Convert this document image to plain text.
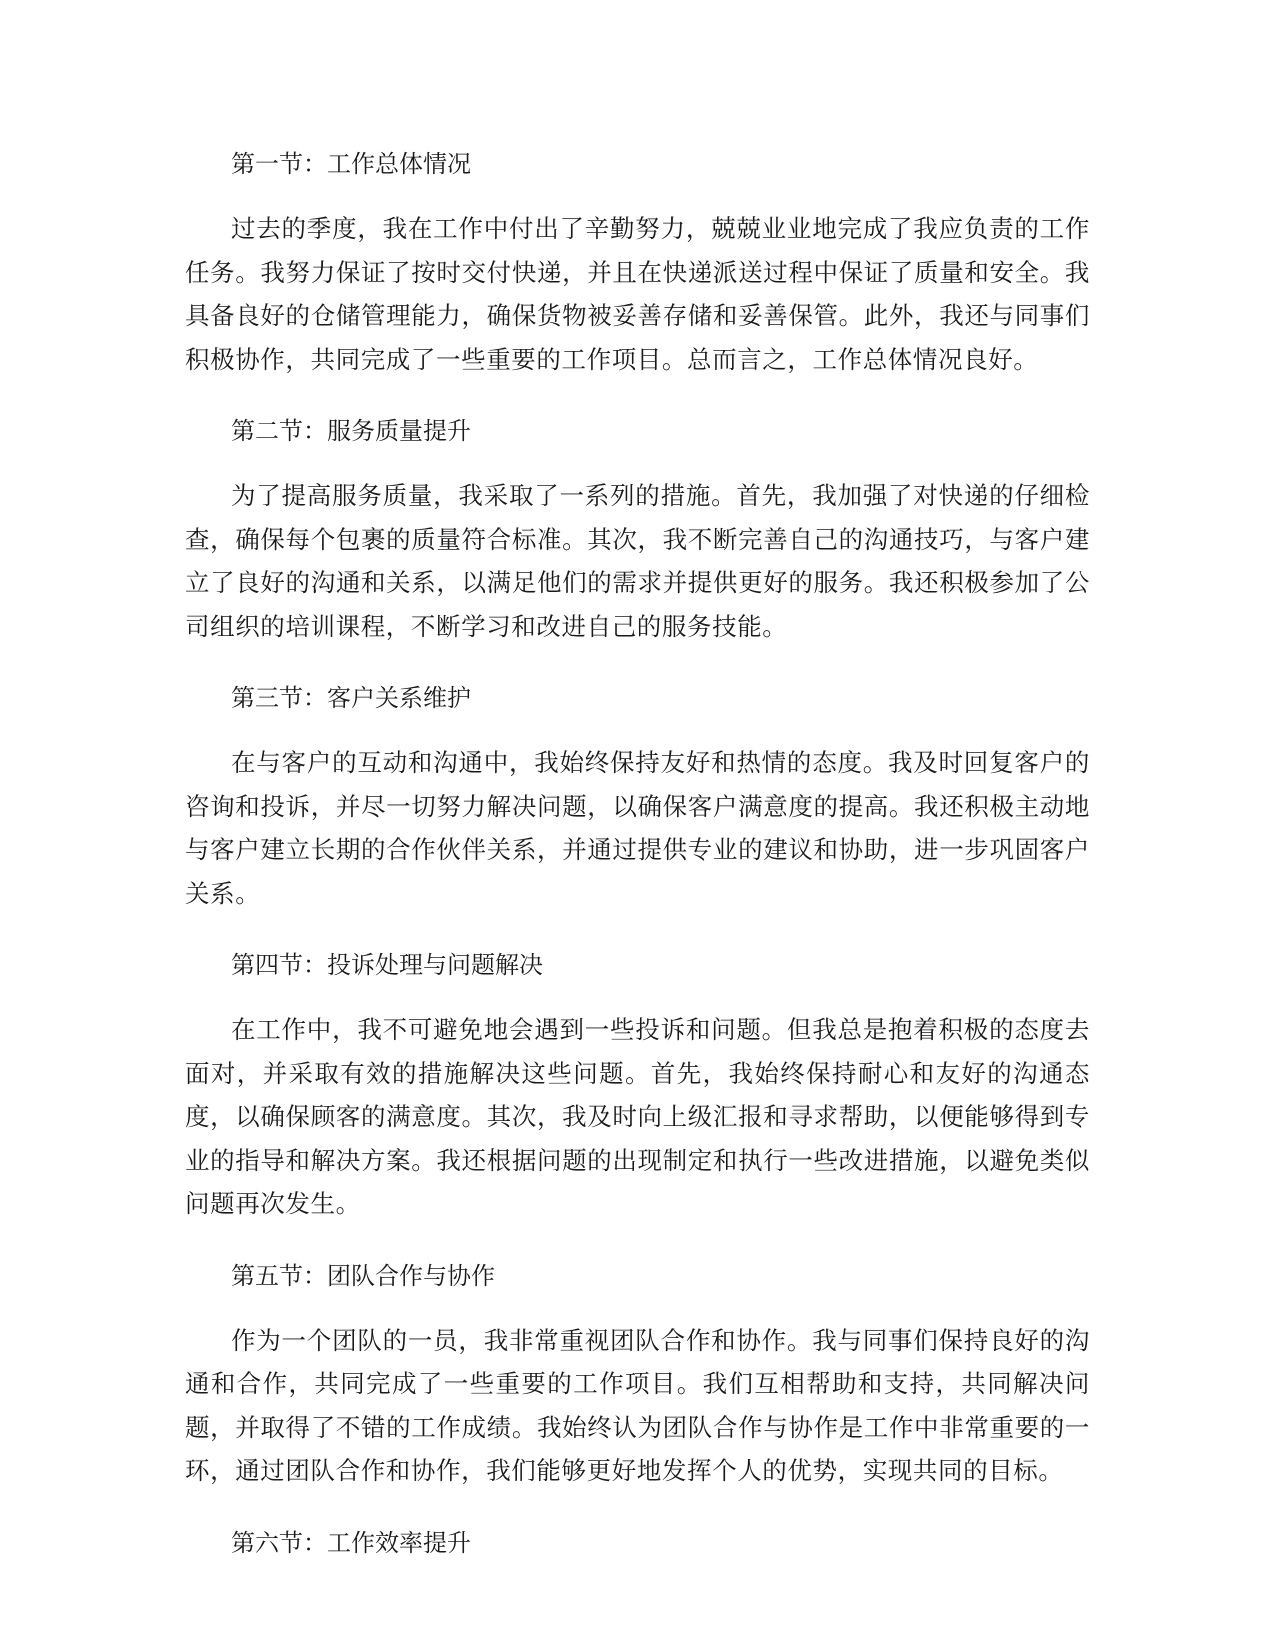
第一节：工作总体情况

过去的季度，我在工作中付出了辛勤努力，兢兢业业地完成了我应负责的工作任务。我努力保证了按时交付快递，并且在快递派送过程中保证了质量和安全。我具备良好的仓储管理能力，确保货物被妥善存储和妥善保管。此外，我还与同事们积极协作，共同完成了一些重要的工作项目。总而言之，工作总体情况良好。

第二节：服务质量提升

为了提高服务质量，我采取了一系列的措施。首先，我加强了对快递的仔细检查，确保每个包裹的质量符合标准。其次，我不断完善自己的沟通技巧，与客户建立了良好的沟通和关系，以满足他们的需求并提供更好的服务。我还积极参加了公司组织的培训课程，不断学习和改进自己的服务技能。

第三节：客户关系维护

在与客户的互动和沟通中，我始终保持友好和热情的态度。我及时回复客户的咨询和投诉，并尽一切努力解决问题，以确保客户满意度的提高。我还积极主动地与客户建立长期的合作伙伴关系，并通过提供专业的建议和协助，进一步巩固客户关系。

第四节：投诉处理与问题解决

在工作中，我不可避免地会遇到一些投诉和问题。但我总是抱着积极的态度去面对，并采取有效的措施解决这些问题。首先，我始终保持耐心和友好的沟通态度，以确保顾客的满意度。其次，我及时向上级汇报和寻求帮助，以便能够得到专业的指导和解决方案。我还根据问题的出现制定和执行一些改进措施，以避免类似问题再次发生。

第五节：团队合作与协作

作为一个团队的一员，我非常重视团队合作和协作。我与同事们保持良好的沟通和合作，共同完成了一些重要的工作项目。我们互相帮助和支持，共同解决问题，并取得了不错的工作成绩。我始终认为团队合作与协作是工作中非常重要的一环，通过团队合作和协作，我们能够更好地发挥个人的优势，实现共同的目标。

第六节：工作效率提升
